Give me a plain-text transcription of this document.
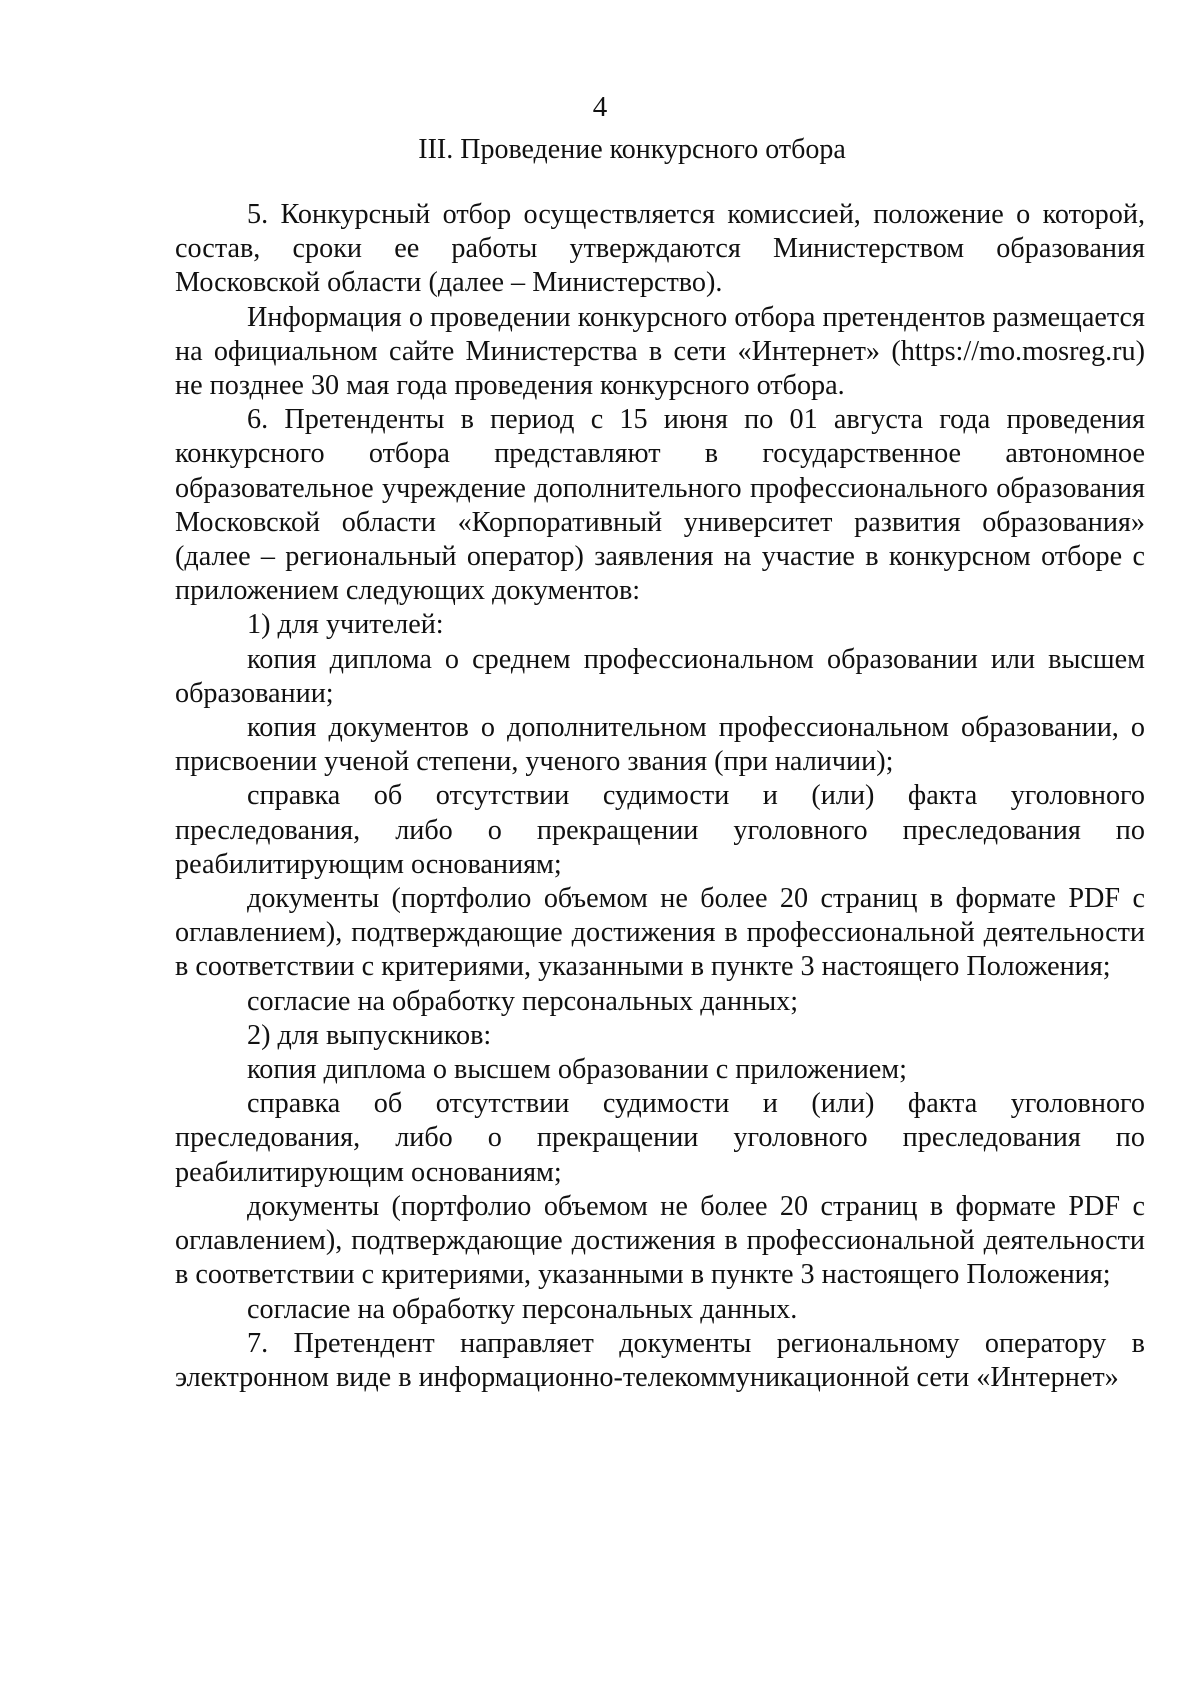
4
III. Проведение конкурсного отбора

5. Конкурсный отбор осуществляется комиссией, положение о которой, состав, сроки ее работы утверждаются Министерством образования Московской области (далее – Министерство).

Информация о проведении конкурсного отбора претендентов размещается на официальном сайте Министерства в сети «Интернет» (https://mo.mosreg.ru) не позднее 30 мая года проведения конкурсного отбора.

6. Претенденты в период с 15 июня по 01 августа года проведения конкурсного отбора представляют в государственное автономное образовательное учреждение дополнительного профессионального образования Московской области «Корпоративный университет развития образования» (далее – региональный оператор) заявления на участие в конкурсном отборе с приложением следующих документов:

1) для учителей:

копия диплома о среднем профессиональном образовании или высшем образовании;

копия документов о дополнительном профессиональном образовании, о присвоении ученой степени, ученого звания (при наличии);

справка об отсутствии судимости и (или) факта уголовного преследования, либо о прекращении уголовного преследования по реабилитирующим основаниям;

документы (портфолио объемом не более 20 страниц в формате PDF с оглавлением), подтверждающие достижения в профессиональной деятельности в соответствии с критериями, указанными в пункте 3 настоящего Положения;

согласие на обработку персональных данных;

2) для выпускников:

копия диплома о высшем образовании с приложением;

справка об отсутствии судимости и (или) факта уголовного преследования, либо о прекращении уголовного преследования по реабилитирующим основаниям;

документы (портфолио объемом не более 20 страниц в формате PDF с оглавлением), подтверждающие достижения в профессиональной деятельности в соответствии с критериями, указанными в пункте 3 настоящего Положения;

согласие на обработку персональных данных.

7. Претендент направляет документы региональному оператору в электронном виде в информационно-телекоммуникационной сети «Интернет»
